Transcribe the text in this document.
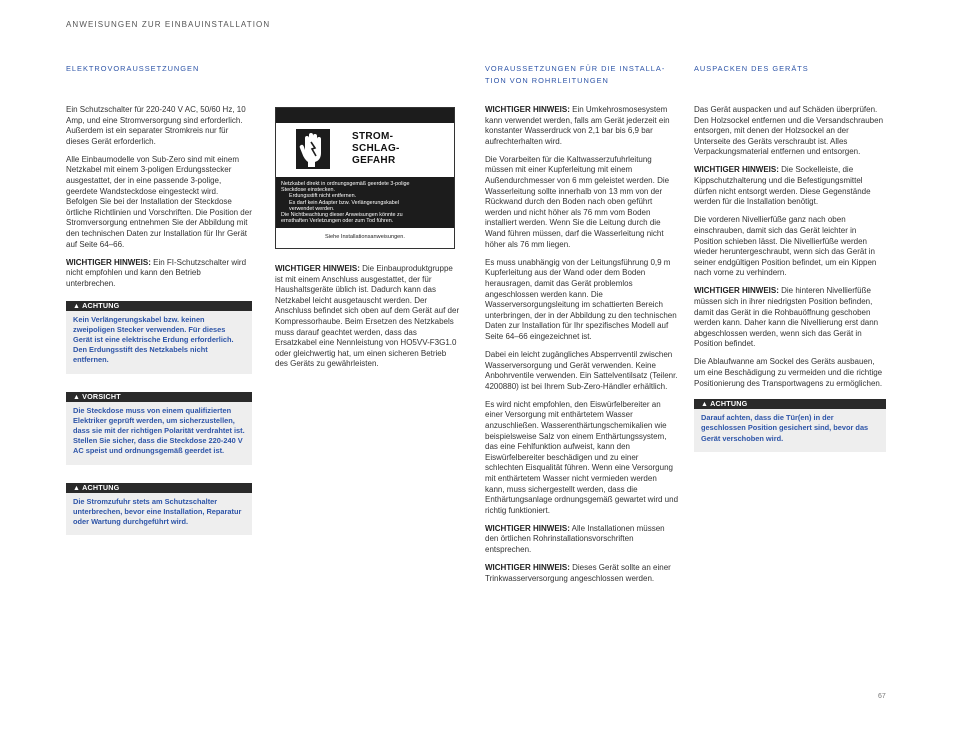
ANWEISUNGEN ZUR EINBAUINSTALLATION
ELEKTROVORAUSSETZUNGEN

Ein Schutzschalter für 220-240 V AC, 50/60 Hz, 10 Amp, und eine Stromversorgung sind erforderlich. Außerdem ist ein separater Stromkreis nur für dieses Gerät erforderlich.

Alle Einbaumodelle von Sub-Zero sind mit einem Netzkabel mit einem 3-poligen Erdungsstecker ausgestattet, der in eine passende 3-polige, geerdete Wandsteckdose eingesteckt wird. Befolgen Sie bei der Installation der Steckdose örtliche Richtlinien und Vorschriften. Die Position der Stromversorgung entnehmen Sie der Abbildung mit den technischen Daten zur Installation für Ihr Gerät auf Seite 64–66.

WICHTIGER HINWEIS: Ein FI-Schutzschalter wird nicht empfohlen und kann den Betrieb unterbrechen.

▲ ACHTUNG
Kein Verlängerungskabel bzw. keinen zweipoligen Stecker verwenden. Für dieses Gerät ist eine elektrische Erdung erforderlich. Den Erdungsstift des Netzkabels nicht entfernen.
▲ VORSICHT
Die Steckdose muss von einem qualifizierten Elektriker geprüft werden, um sicherzustellen, dass sie mit der richtigen Polarität verdrahtet ist. Stellen Sie sicher, dass die Steckdose 220-240 V AC speist und ordnungsgemäß geerdet ist.
▲ ACHTUNG
Die Stromzufuhr stets am Schutzschalter unterbrechen, bevor eine Installation, Reparatur oder Wartung durchgeführt wird.
STROM-
SCHLAG-
GEFAHR
Netzkabel direkt in ordnungsgemäß geerdete 3-polige
Steckdose einstecken.
Erdungsstift nicht entfernen.
Es darf kein Adapter bzw. Verlängerungskabel
verwendet werden.
Die Nichtbeachtung dieser Anweisungen könnte zu
ernsthaften Verletzungen oder zum Tod führen.
Siehe Installationsanweisungen.

WICHTIGER HINWEIS: Die Einbauproduktgruppe ist mit einem Anschluss ausgestattet, der für Haushaltsgeräte üblich ist. Dadurch kann das Netzkabel leicht ausgetauscht werden. Der Anschluss befindet sich oben auf dem Gerät auf der Kompressorhaube. Beim Ersetzen des Netzkabels muss darauf geachtet werden, dass das Ersatzkabel eine Nennleistung von HO5VV-F3G1.0 oder gleichwertig hat, um einen sicheren Betrieb des Geräts zu gewährleisten.

VORAUSSETZUNGEN FÜR DIE INSTALLA-
TION VON ROHRLEITUNGEN

WICHTIGER HINWEIS: Ein Umkehrosmosesystem kann verwendet werden, falls am Gerät jederzeit ein konstanter Wasserdruck von 2,1 bar bis 6,9 bar aufrechterhalten wird.

Die Vorarbeiten für die Kaltwasserzufuhrleitung müssen mit einer Kupferleitung mit einem Außendurchmesser von 6 mm geleistet werden. Die Wasserleitung sollte innerhalb von 13 mm von der Rückwand durch den Boden nach oben geführt werden und nicht höher als 76 mm vom Boden installiert werden. Wenn Sie die Leitung durch die Wand führen müssen, darf die Wasserleitung nicht höher als 76 mm liegen.

Es muss unabhängig von der Leitungsführung 0,9 m Kupferleitung aus der Wand oder dem Boden herausragen, damit das Gerät problemlos angeschlossen werden kann. Die Wasserversorgungsleitung im schattierten Bereich unterbringen, der in der Abbildung zu den technischen Daten zur Installation für Ihr spezifisches Modell auf Seite 64–66 eingezeichnet ist.

Dabei ein leicht zugängliches Absperrventil zwischen Wasserversorgung und Gerät verwenden. Keine Anbohrventile verwenden. Ein Sattelventilsatz (Teilenr. 4200880) ist bei Ihrem Sub-Zero-Händler erhältlich.

Es wird nicht empfohlen, den Eiswürfelbereiter an einer Versorgung mit enthärtetem Wasser anzuschließen. Wasserenthärtungschemikalien wie beispielsweise Salz von einem Enthärtungssystem, das eine Fehlfunktion aufweist, kann den Eiswürfelbereiter beschädigen und zu einer schlechten Eisqualität führen. Wenn eine Versorgung mit enthärtetem Wasser nicht vermieden werden kann, muss sichergestellt werden, dass die Enthärtungsanlage ordnungsgemäß gewartet wird und richtig funktioniert.

WICHTIGER HINWEIS: Alle Installationen müssen den örtlichen Rohrinstallationsvorschriften entsprechen.

WICHTIGER HINWEIS: Dieses Gerät sollte an einer Trinkwasserversorgung angeschlossen werden.

AUSPACKEN DES GERÄTS

Das Gerät auspacken und auf Schäden überprüfen. Den Holzsockel entfernen und die Versandschrauben entsorgen, mit denen der Holzsockel an der Unterseite des Geräts verschraubt ist. Alles Verpackungsmaterial entfernen und entsorgen.

WICHTIGER HINWEIS: Die Sockelleiste, die Kippschutzhalterung und die Befestigungsmittel dürfen nicht entsorgt werden. Diese Gegenstände werden für die Installation benötigt.

Die vorderen Nivellierfüße ganz nach oben einschrauben, damit sich das Gerät leichter in Position schieben lässt. Die Nivellierfüße werden wieder heruntergeschraubt, wenn sich das Gerät in seiner endgültigen Position befindet, um ein Kippen nach vorne zu verhindern.

WICHTIGER HINWEIS: Die hinteren Nivellierfüße müssen sich in ihrer niedrigsten Position befinden, damit das Gerät in die Rohbauöffnung geschoben werden kann. Daher kann die Nivellierung erst dann abgeschlossen werden, wenn sich das Gerät in Position befindet.

Die Ablaufwanne am Sockel des Geräts ausbauen, um eine Beschädigung zu vermeiden und die richtige Positionierung des Transportwagens zu ermöglichen.

▲ ACHTUNG
Darauf achten, dass die Tür(en) in der geschlossen Position gesichert sind, bevor das Gerät verschoben wird.
67
